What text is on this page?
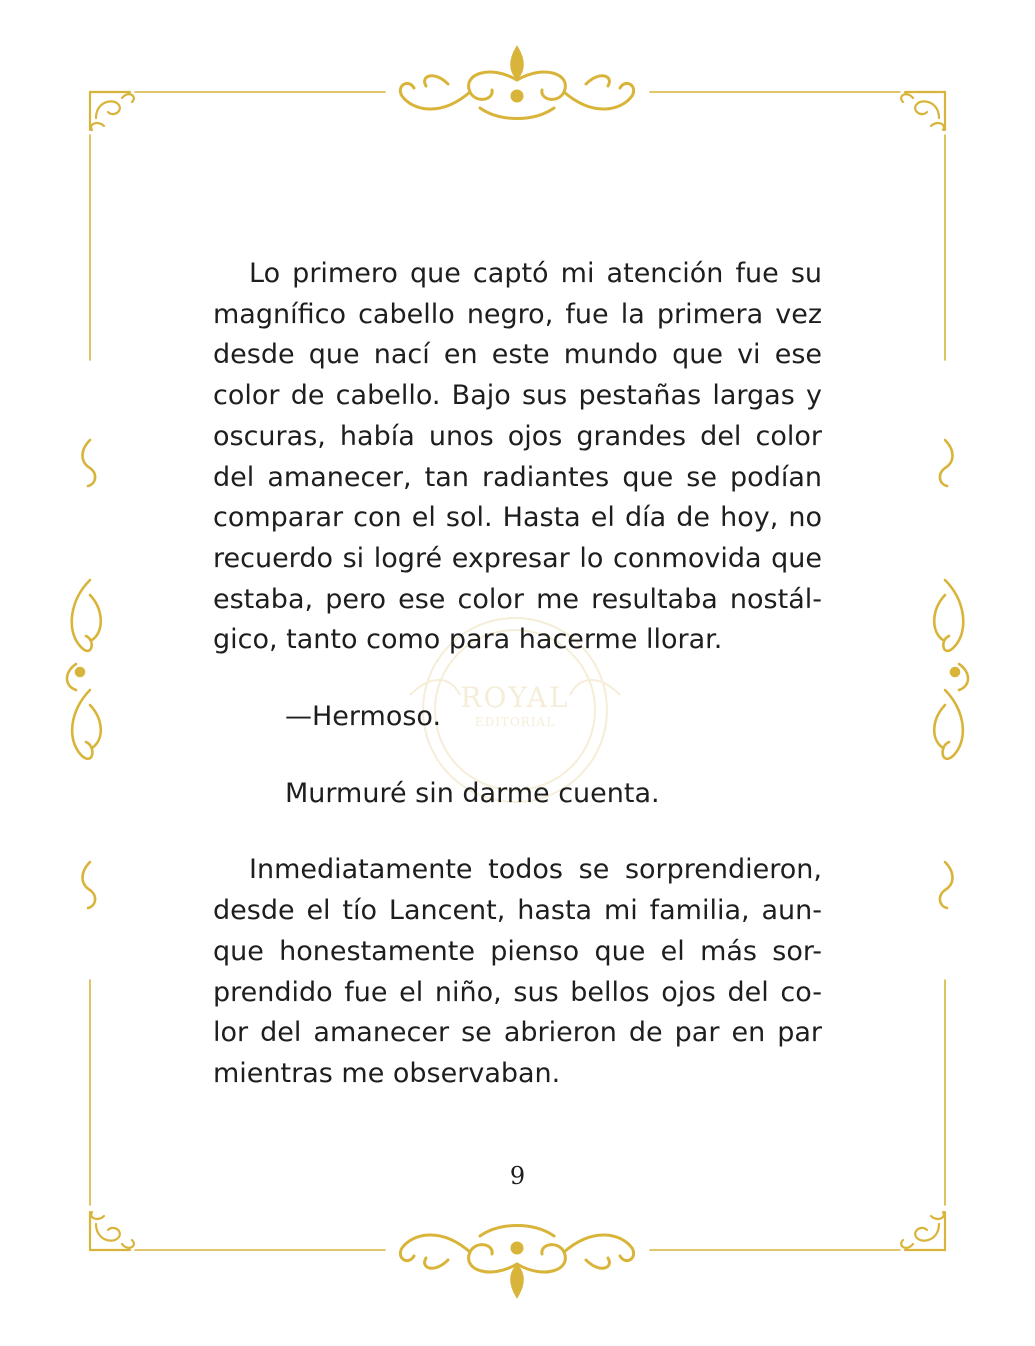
ROYAL
EDITORIAL
Lo primero que captó mi atención fue su
magnífico cabello negro, fue la primera vez
desde que nací en este mundo que vi ese
color de cabello. Bajo sus pestañas largas y
oscuras, había unos ojos grandes del color
del amanecer, tan radiantes que se podían
comparar con el sol. Hasta el día de hoy, no
recuerdo si logré expresar lo conmovida que
estaba, pero ese color me resultaba nostál-
gico, tanto como para hacerme llorar.

—Hermoso.

Murmuré sin darme cuenta.

Inmediatamente todos se sorprendieron,
desde el tío Lancent, hasta mi familia, aun-
que honestamente pienso que el más sor-
prendido fue el niño, sus bellos ojos del co-
lor del amanecer se abrieron de par en par
mientras me observaban.
9
